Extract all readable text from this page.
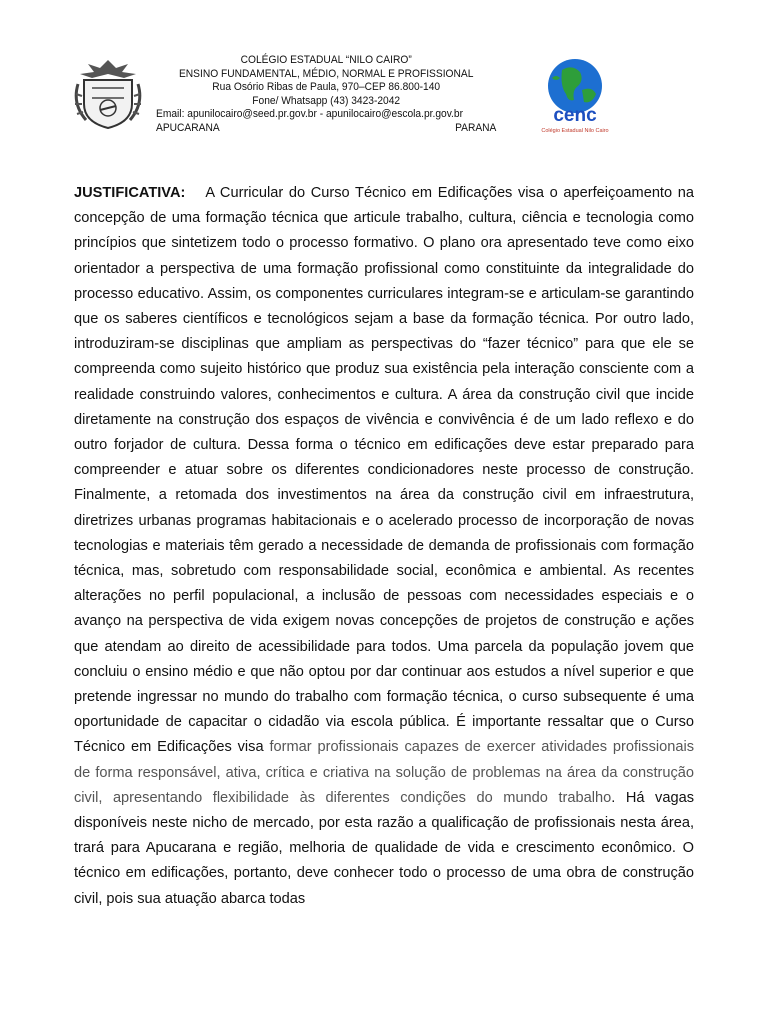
COLÉGIO ESTADUAL “NILO CAIRO”
ENSINO FUNDAMENTAL, MÉDIO, NORMAL E PROFISSIONAL
Rua Osório Ribas de Paula, 970–CEP 86.800-140
Fone/ Whatsapp (43) 3423-2042
Email: apunilocairo@seed.pr.gov.br - apunilocairo@escola.pr.gov.br
APUCARANA	PARANA
cenc
Colégio Estadual Nilo Cairo

JUSTIFICATIVA: A Curricular do Curso Técnico em Edificações visa o aperfeiçoamento na concepção de uma formação técnica que articule trabalho, cultura, ciência e tecnologia como princípios que sintetizem todo o processo formativo. O plano ora apresentado teve como eixo orientador a perspectiva de uma formação profissional como constituinte da integralidade do processo educativo. Assim, os componentes curriculares integram-se e articulam-se garantindo que os saberes científicos e tecnológicos sejam a base da formação técnica. Por outro lado, introduziram-se disciplinas que ampliam as perspectivas do “fazer técnico” para que ele se compreenda como sujeito histórico que produz sua existência pela interação consciente com a realidade construindo valores, conhecimentos e cultura. A área da construção civil que incide diretamente na construção dos espaços de vivência e convivência é de um lado reflexo e do outro forjador de cultura. Dessa forma o técnico em edificações deve estar preparado para compreender e atuar sobre os diferentes condicionadores neste processo de construção. Finalmente, a retomada dos investimentos na área da construção civil em infraestrutura, diretrizes urbanas programas habitacionais e o acelerado processo de incorporação de novas tecnologias e materiais têm gerado a necessidade de demanda de profissionais com formação técnica, mas, sobretudo com responsabilidade social, econômica e ambiental. As recentes alterações no perfil populacional, a inclusão de pessoas com necessidades especiais e o avanço na perspectiva de vida exigem novas concepções de projetos de construção e ações que atendam ao direito de acessibilidade para todos. Uma parcela da população jovem que concluiu o ensino médio e que não optou por dar continuar aos estudos a nível superior e que pretende ingressar no mundo do trabalho com formação técnica, o curso subsequente é uma oportunidade de capacitar o cidadão via escola pública. É importante ressaltar que o Curso Técnico em Edificações visa formar profissionais capazes de exercer atividades profissionais de forma responsável, ativa, crítica e criativa na solução de problemas na área da construção civil, apresentando flexibilidade às diferentes condições do mundo trabalho. Há vagas disponíveis neste nicho de mercado, por esta razão a qualificação de profissionais nesta área, trará para Apucarana e região, melhoria de qualidade de vida e crescimento econômico. O técnico em edificações, portanto, deve conhecer todo o processo de uma obra de construção civil, pois sua atuação abarca todas
